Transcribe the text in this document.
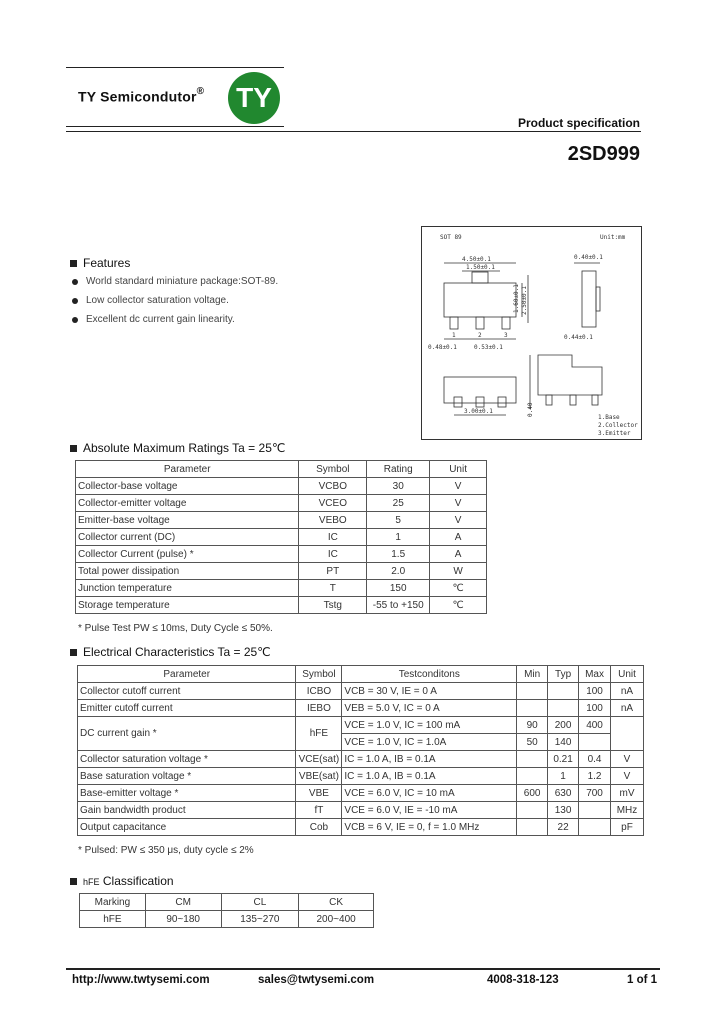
TY Semicondutor® TY
Product specification
2SD999
Features
World standard miniature package:SOT-89.
Low collector saturation voltage.
Excellent dc current gain linearity.
SOT 89	Unit:mm
4.50±0.1
1.50±0.1
1.60±0.1 2.50±0.1
0.40±0.1
0.53±0.1
0.48±0.1
3.00±0.1
0.44±0.1
0.40
1	2	3
1.Base
2.Collector
3.Emitter
Absolute Maximum Ratings Ta = 25℃
Parameter	Symbol	Rating	Unit
Collector-base voltage	VCBO	30	V
Collector-emitter voltage	VCEO	25	V
Emitter-base voltage	VEBO	5	V
Collector current (DC)	IC	1	A
Collector Current (pulse) *	IC	1.5	A
Total power dissipation	PT	2.0	W
Junction temperature	T	150	℃
Storage temperature	Tstg	-55 to +150	℃
* Pulse Test PW ≤ 10ms, Duty Cycle ≤ 50%.
Electrical Characteristics Ta = 25℃
Parameter	Symbol	Testconditons	Min	Typ	Max	Unit
Collector cutoff current	ICBO	VCB = 30 V, IE = 0 A			100	nA
Emitter cutoff current	IEBO	VEB = 5.0 V, IC = 0 A			100	nA
DC current gain *	hFE	VCE = 1.0 V, IC = 100 mA	90	200	400	
		VCE = 1.0 V, IC = 1.0A	50	140		
Collector saturation voltage *	VCE(sat)	IC = 1.0 A, IB = 0.1A		0.21	0.4	V
Base saturation voltage *	VBE(sat)	IC = 1.0 A, IB = 0.1A		1	1.2	V
Base-emitter voltage *	VBE	VCE = 6.0 V, IC = 10 mA	600	630	700	mV
Gain bandwidth product	fT	VCE = 6.0 V, IE = -10 mA		130		MHz
Output capacitance	Cob	VCB = 6 V, IE = 0, f = 1.0 MHz		22		pF
* Pulsed: PW ≤ 350 μs, duty cycle ≤ 2%
hFE Classification
Marking	CM	CL	CK
hFE	90~180	135~270	200~400
http://www.twtysemi.com	sales@twtysemi.com	4008-318-123	1 of 1
